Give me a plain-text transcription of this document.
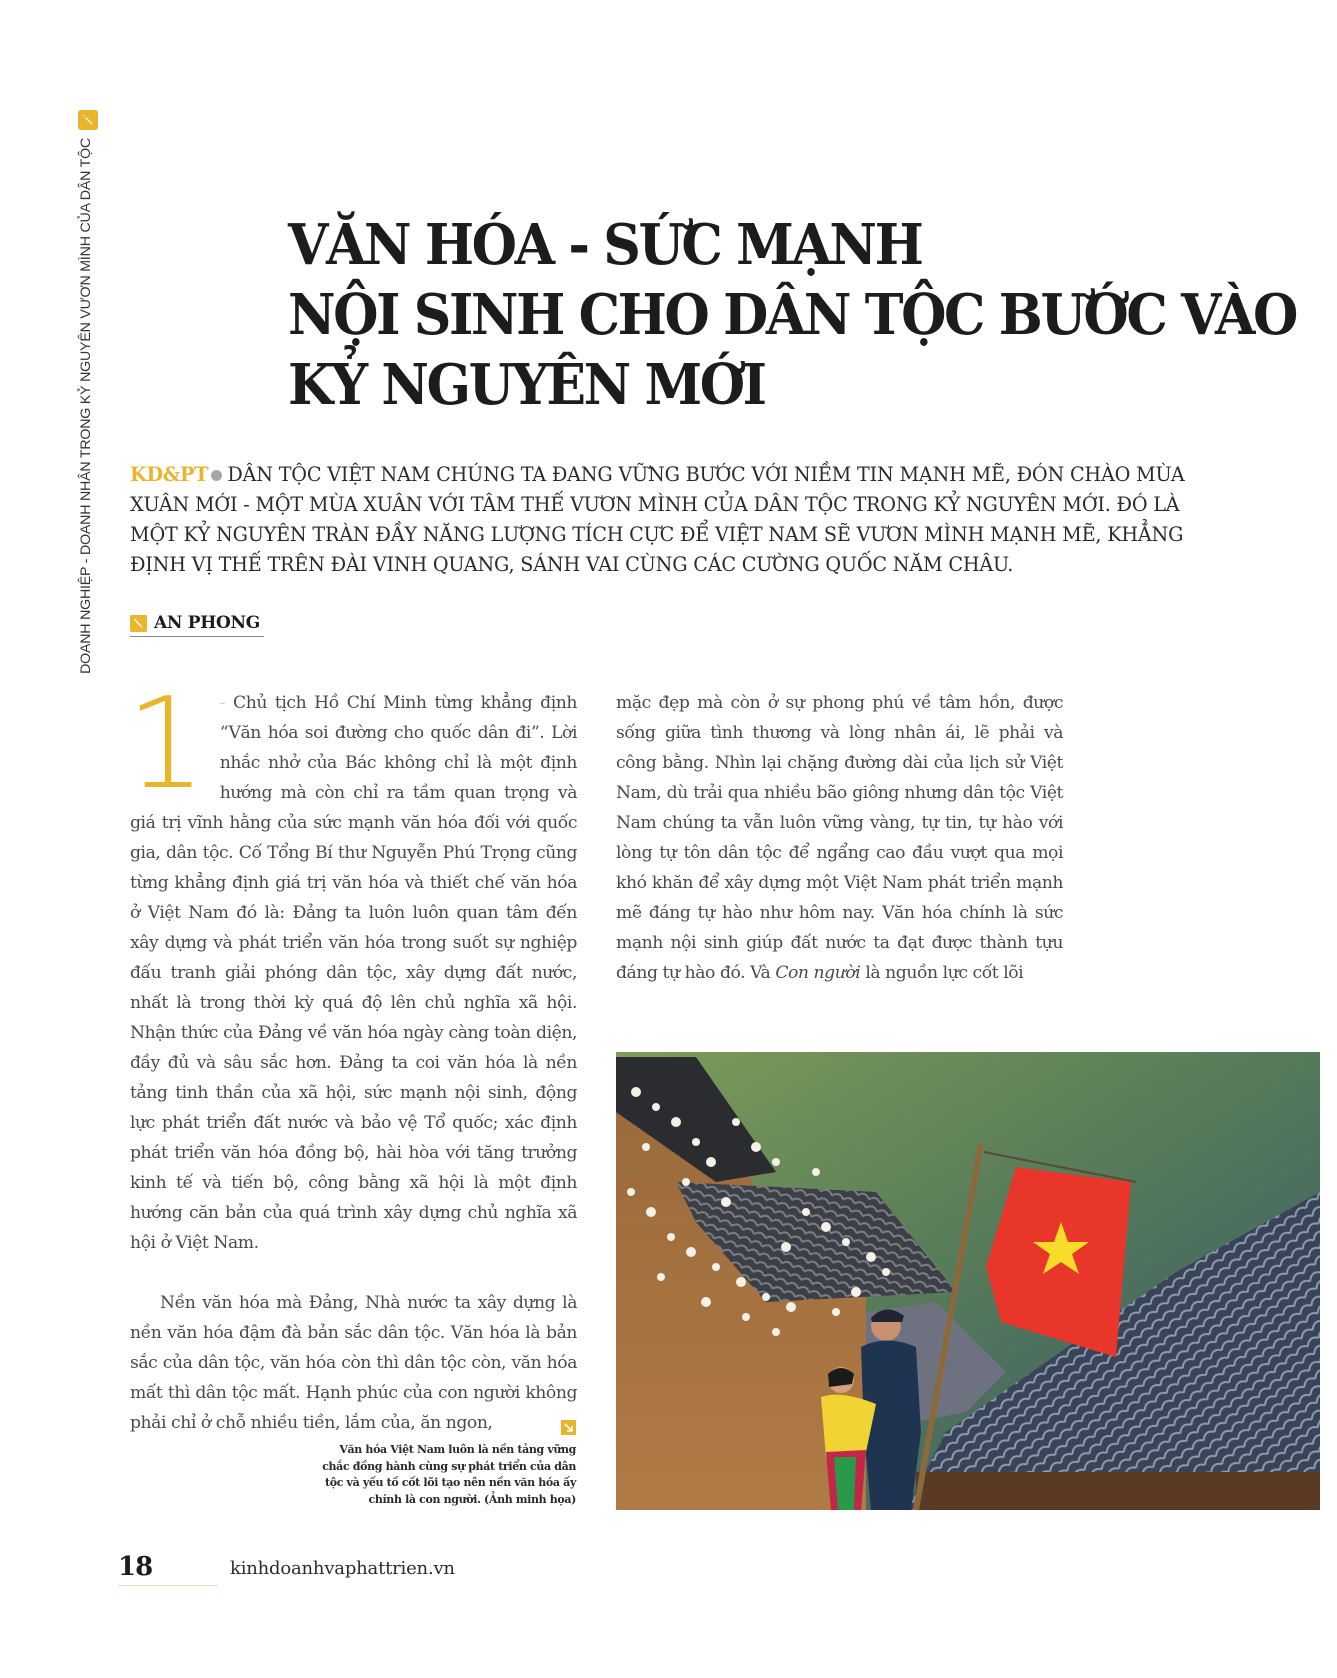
DOANH NGHIỆP - DOANH NHÂN TRONG KỶ NGUYÊN VƯƠN MÌNH CỦA DÂN TỘC	VĂN HÓA - SỨC MẠNH
NỘI SINH CHO DÂN TỘC BƯỚC VÀO
KỶ NGUYÊN MỚI
KD&PT DÂN TỘC VIỆT NAM CHÚNG TA ĐANG VỮNG BƯỚC VỚI NIỀM TIN MẠNH MẼ, ĐÓN CHÀO MÙA XUÂN MỚI - MỘT MÙA XUÂN VỚI TÂM THẾ VƯƠN MÌNH CỦA DÂN TỘC TRONG KỶ NGUYÊN MỚI. ĐÓ LÀ MỘT KỶ NGUYÊN TRÀN ĐẦY NĂNG LƯỢNG TÍCH CỰC ĐỂ VIỆT NAM SẼ VƯƠN MÌNH MẠNH MẼ, KHẲNG ĐỊNH VỊ THẾ TRÊN ĐÀI VINH QUANG, SÁNH VAI CÙNG CÁC CƯỜNG QUỐC NĂM CHÂU.
AN PHONG

1 - Chủ tịch Hồ Chí Minh từng khẳng định “Văn hóa soi đường cho quốc dân đi”. Lời nhắc nhở của Bác không chỉ là một định hướng mà còn chỉ ra tầm quan trọng và giá trị vĩnh hằng của sức mạnh văn hóa đối với quốc gia, dân tộc. Cố Tổng Bí thư Nguyễn Phú Trọng cũng từng khẳng định giá trị văn hóa và thiết chế văn hóa ở Việt Nam đó là: Đảng ta luôn luôn quan tâm đến xây dựng và phát triển văn hóa trong suốt sự nghiệp đấu tranh giải phóng dân tộc, xây dựng đất nước, nhất là trong thời kỳ quá độ lên chủ nghĩa xã hội. Nhận thức của Đảng về văn hóa ngày càng toàn diện, đầy đủ và sâu sắc hơn. Đảng ta coi văn hóa là nền tảng tinh thần của xã hội, sức mạnh nội sinh, động lực phát triển đất nước và bảo vệ Tổ quốc; xác định phát triển văn hóa đồng bộ, hài hòa với tăng trưởng kinh tế và tiến bộ, công bằng xã hội là một định hướng căn bản của quá trình xây dựng chủ nghĩa xã hội ở Việt Nam.

Nền văn hóa mà Đảng, Nhà nước ta xây dựng là nền văn hóa đậm đà bản sắc dân tộc. Văn hóa là bản sắc của dân tộc, văn hóa còn thì dân tộc còn, văn hóa mất thì dân tộc mất. Hạnh phúc của con người không phải chỉ ở chỗ nhiều tiền, lắm của, ăn ngon,

mặc đẹp mà còn ở sự phong phú về tâm hồn, được sống giữa tình thương và lòng nhân ái, lẽ phải và công bằng. Nhìn lại chặng đường dài của lịch sử Việt Nam, dù trải qua nhiều bão giông nhưng dân tộc Việt Nam chúng ta vẫn luôn vững vàng, tự tin, tự hào với lòng tự tôn dân tộc để ngẩng cao đầu vượt qua mọi khó khăn để xây dựng một Việt Nam phát triển mạnh mẽ đáng tự hào như hôm nay. Văn hóa chính là sức mạnh nội sinh giúp đất nước ta đạt được thành tựu đáng tự hào đó. Và Con người là nguồn lực cốt lõi

Văn hóa Việt Nam luôn là nền tảng vững chắc đồng hành cùng sự phát triển của dân tộc và yếu tố cốt lõi tạo nên nền văn hóa ấy chính là con người. (Ảnh minh họa)
18	kinhdoanhvaphattrien.vn
